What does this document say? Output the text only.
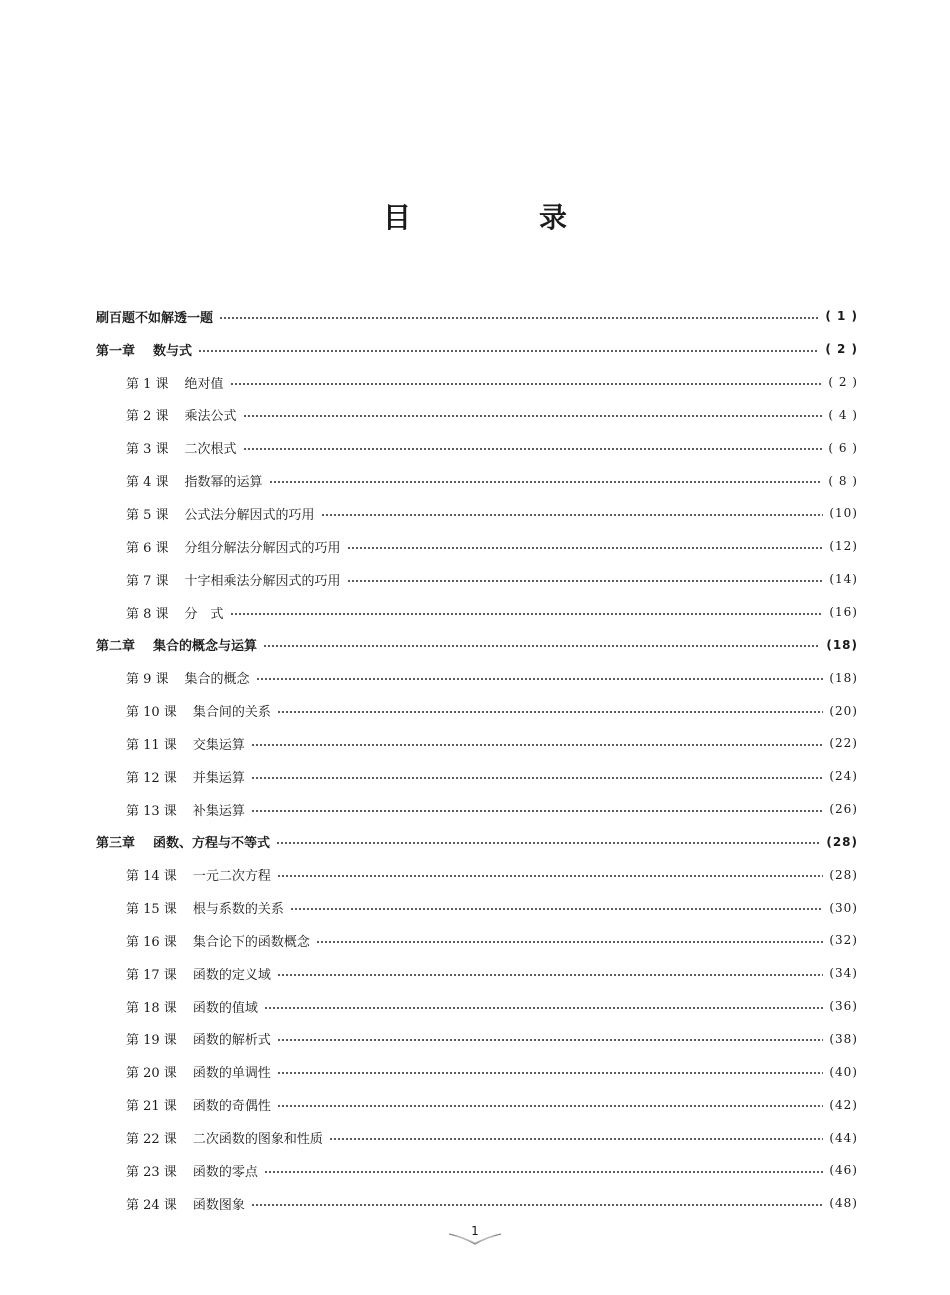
目　录
刷百题不如解透一题	( 1 )
第一章 数与式	( 2 )
第 1 课 绝对值	( 2 )
第 2 课 乘法公式	( 4 )
第 3 课 二次根式	( 6 )
第 4 课 指数幂的运算	( 8 )
第 5 课 公式法分解因式的巧用	(10)
第 6 课 分组分解法分解因式的巧用	(12)
第 7 课 十字相乘法分解因式的巧用	(14)
第 8 课 分　式	(16)
第二章 集合的概念与运算	(18)
第 9 课 集合的概念	(18)
第 10 课 集合间的关系	(20)
第 11 课 交集运算	(22)
第 12 课 并集运算	(24)
第 13 课 补集运算	(26)
第三章 函数、方程与不等式	(28)
第 14 课 一元二次方程	(28)
第 15 课 根与系数的关系	(30)
第 16 课 集合论下的函数概念	(32)
第 17 课 函数的定义域	(34)
第 18 课 函数的值域	(36)
第 19 课 函数的解析式	(38)
第 20 课 函数的单调性	(40)
第 21 课 函数的奇偶性	(42)
第 22 课 二次函数的图象和性质	(44)
第 23 课 函数的零点	(46)
第 24 课 函数图象	(48)
1
